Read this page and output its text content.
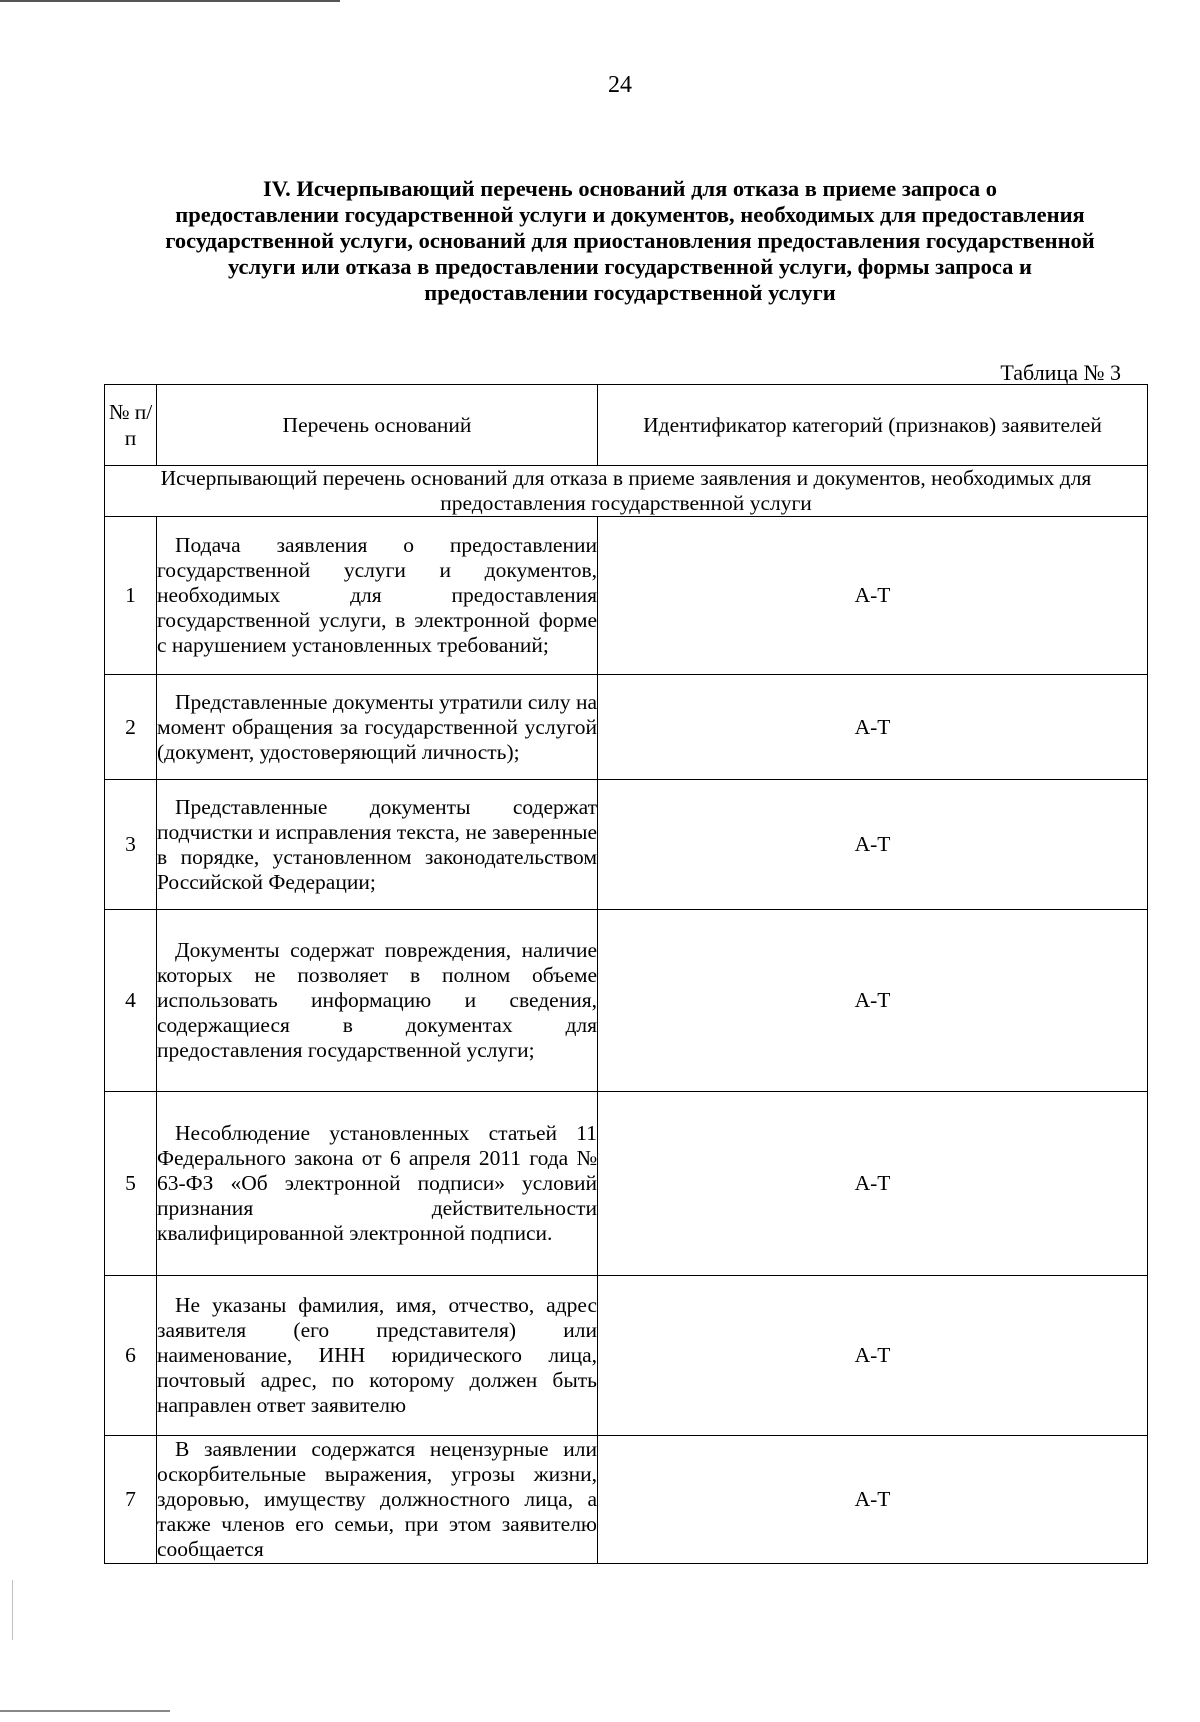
24
IV. Исчерпывающий перечень оснований для отказа в приеме запроса о
предоставлении государственной услуги и документов, необходимых для предоставления
государственной услуги, оснований для приостановления предоставления государственной
услуги или отказа в предоставлении государственной услуги, формы запроса и
предоставлении государственной услуги
Таблица № 3
№ п/ п	Перечень оснований	Идентификатор категорий (признаков) заявителей
Исчерпывающий перечень оснований для отказа в приеме заявления и документов, необходимых для предоставления государственной услуги		
1	Подача заявления о предоставлении государственной услуги и документов, необходимых для предоставления государственной услуги, в электронной форме с нарушением установленных требований;	А-Т
2	Представленные документы утратили силу на момент обращения за государственной услугой (документ, удостоверяющий личность);	А-Т
3	Представленные документы содержат подчистки и исправления текста, не заверенные в порядке, установленном законодательством Российской Федерации;	А-Т
4	Документы содержат повреждения, наличие которых не позволяет в полном объеме использовать информацию и сведения, содержащиеся в документах для предоставления государственной услуги;	А-Т
5	Несоблюдение установленных статьей 11 Федерального закона от 6 апреля 2011 года № 63-ФЗ «Об электронной подписи» условий признания действительности квалифицированной электронной подписи.	А-Т
6	Не указаны фамилия, имя, отчество, адрес заявителя (его представителя) или наименование, ИНН юридического лица, почтовый адрес, по которому должен быть направлен ответ заявителю	А-Т
7	В заявлении содержатся нецензурные или оскорбительные выражения, угрозы жизни, здоровью, имуществу должностного лица, а также членов его семьи, при этом заявителю сообщается	А-Т
